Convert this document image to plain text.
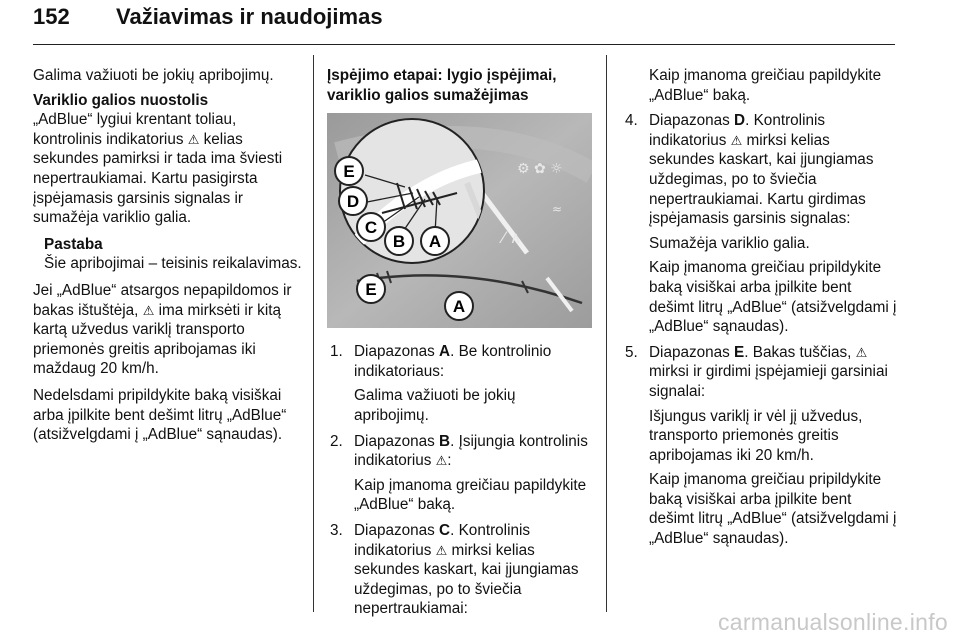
152 Važiavimas ir naudojimas

Galima važiuoti be jokių apribojimų.

Variklio galios nuostolis

„AdBlue“ lygiui krentant toliau, kontrolinis indikatorius ⚠ kelias sekundes pamirksi ir tada ima šviesti nepertraukiamai. Kartu pasigirsta įspėjamasis garsinis signalas ir sumažėja variklio galia.

Pastaba

Šie apribojimai – teisinis reikalavimas.

Jei „AdBlue“ atsargos nepapildomos ir bakas ištuštėja, ⚠ ima mirksėti ir kitą kartą užvedus variklį transporto priemonės greitis apribojamas iki maždaug 20 km/h.

Nedelsdami pripildykite baką visiškai arba įpilkite bent dešimt litrų „AdBlue“ (atsižvelgdami į „AdBlue“ sąnaudas).

Įspėjimo etapai: lygio įspėjimai, variklio galios sumažėjimas

⚙ ✿ ☼
≈
⁄ ∧
E
D
C
B A
E
A
1. Diapazonas A. Be kontrolinio indikatoriaus:

Galima važiuoti be jokių apribojimų.

2. Diapazonas B. Įsijungia kontrolinis indikatorius ⚠:

Kaip įmanoma greičiau papildykite „AdBlue“ baką.

3. Diapazonas C. Kontrolinis indikatorius ⚠ mirksi kelias sekundes kaskart, kai įjungiamas uždegimas, po to šviečia nepertraukiamai:

Kaip įmanoma greičiau papildykite „AdBlue“ baką.

4. Diapazonas D. Kontrolinis indikatorius ⚠ mirksi kelias sekundes kaskart, kai įjungiamas uždegimas, po to šviečia nepertraukiamai. Kartu girdimas įspėjamasis garsinis signalas:

Sumažėja variklio galia.

Kaip įmanoma greičiau pripildykite baką visiškai arba įpilkite bent dešimt litrų „AdBlue“ (atsižvelgdami į „AdBlue“ sąnaudas).

5. Diapazonas E. Bakas tuščias, ⚠ mirksi ir girdimi įspėjamieji garsiniai signalai:

Išjungus variklį ir vėl jį užvedus, transporto priemonės greitis apribojamas iki 20 km/h.

Kaip įmanoma greičiau pripildykite baką visiškai arba įpilkite bent dešimt litrų „AdBlue“ (atsižvelgdami į „AdBlue“ sąnaudas).

carmanualsonline.info
